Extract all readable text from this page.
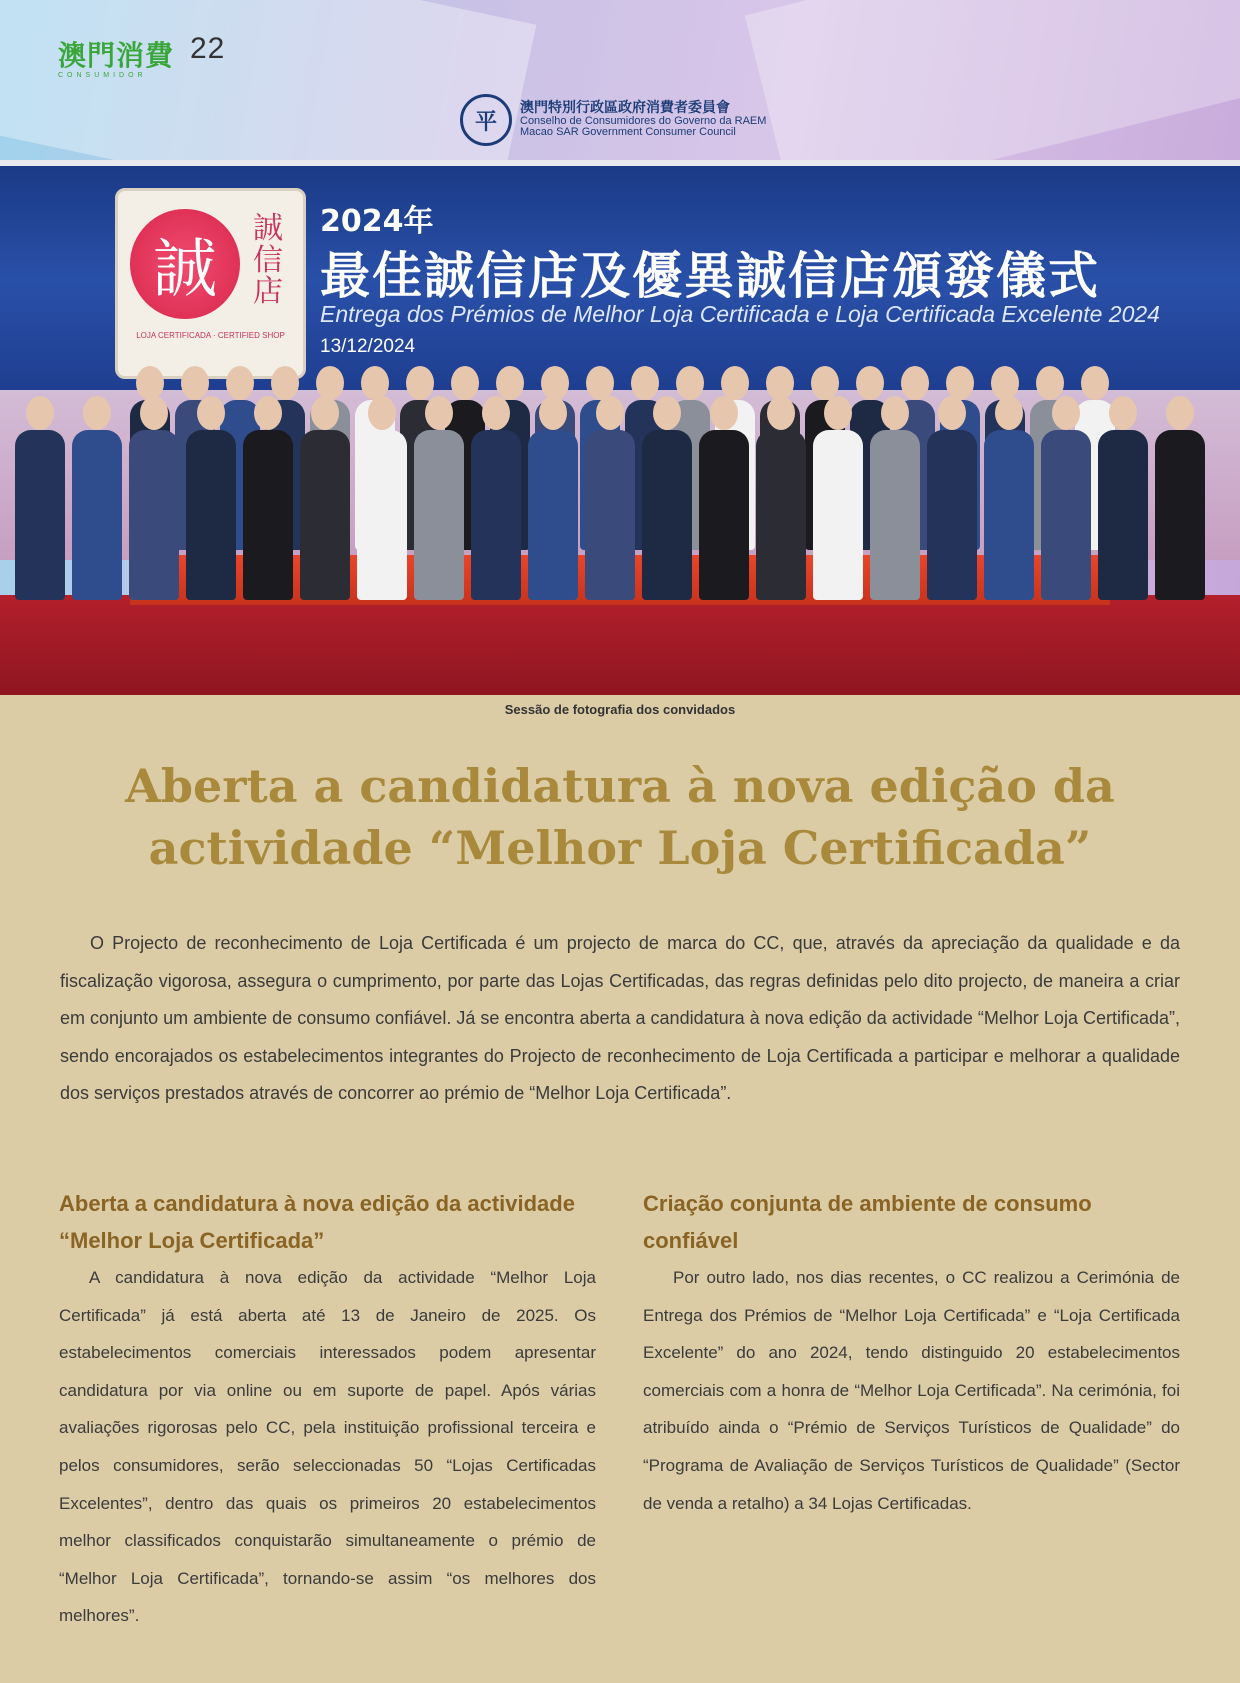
澳門消費
CONSUMIDOR
22
平
澳門特別行政區政府消費者委員會
Conselho de Consumidores do Governo da RAEM
Macao SAR Government Consumer Council
誠
誠信店
LOJA CERTIFICADA · CERTIFIED SHOP
2024年
最佳誠信店及優異誠信店頒發儀式
Entrega dos Prémios de Melhor Loja Certificada e Loja Certificada Excelente 2024
13/12/2024
Sessão de fotografia dos convidados
Aberta a candidatura à nova edição da
actividade “Melhor Loja Certificada”
O Projecto de reconhecimento de Loja Certificada é um projecto de marca do CC, que, através da apreciação da qualidade e da fiscalização vigorosa, assegura o cumprimento, por parte das Lojas Certificadas, das regras definidas pelo dito projecto, de maneira a criar em conjunto um ambiente de consumo confiável. Já se encontra aberta a candidatura à nova edição da actividade “Melhor Loja Certificada”, sendo encorajados os estabelecimentos integrantes do Projecto de reconhecimento de Loja Certificada a participar e melhorar a qualidade dos serviços prestados através de concorrer ao prémio de “Melhor Loja Certificada”.
Aberta a candidatura à nova edição da actividade “Melhor Loja Certificada”

A candidatura à nova edição da actividade “Melhor Loja Certificada” já está aberta até 13 de Janeiro de 2025. Os estabelecimentos comerciais interessados podem apresentar candidatura por via online ou em suporte de papel. Após várias avaliações rigorosas pelo CC, pela instituição profissional terceira e pelos consumidores, serão seleccionadas 50 “Lojas Certificadas Excelentes”, dentro das quais os primeiros 20 estabelecimentos melhor classificados conquistarão simultaneamente o prémio de “Melhor Loja Certificada”, tornando-se assim “os melhores dos melhores”.

Criação conjunta de ambiente de consumo confiável

Por outro lado, nos dias recentes, o CC realizou a Cerimónia de Entrega dos Prémios de “Melhor Loja Certificada” e “Loja Certificada Excelente” do ano 2024, tendo distinguido 20 estabelecimentos comerciais com a honra de “Melhor Loja Certificada”. Na cerimónia, foi atribuído ainda o “Prémio de Serviços Turísticos de Qualidade” do “Programa de Avaliação de Serviços Turísticos de Qualidade” (Sector de venda a retalho) a 34 Lojas Certificadas.
